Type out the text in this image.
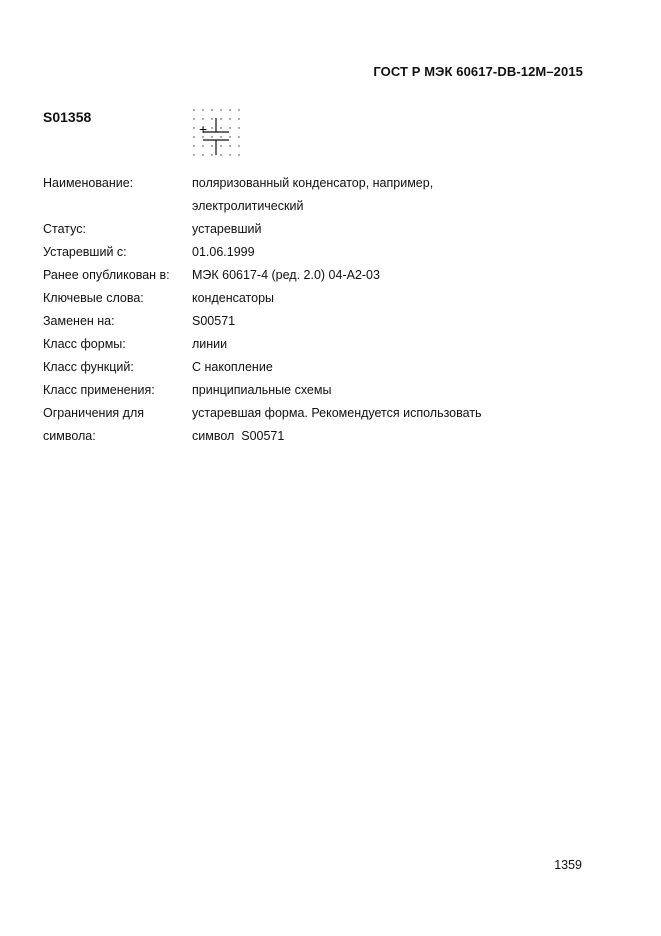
ГОСТ Р МЭК 60617-DB-12M–2015
S01358
+
Наименование:	поляризованный конденсатор, например,
электролитический
Статус:	устаревший
Устаревший с:	01.06.1999
Ранее опубликован в:	МЭК 60617-4 (ред. 2.0) 04-A2-03
Ключевые слова:	конденсаторы
Заменен на:	S00571
Класс формы:	линии
Класс функций:	C накопление
Класс применения:	принципиальные схемы
Ограничения для	устаревшая форма. Рекомендуется использовать
символа:	символ  S00571
1359
